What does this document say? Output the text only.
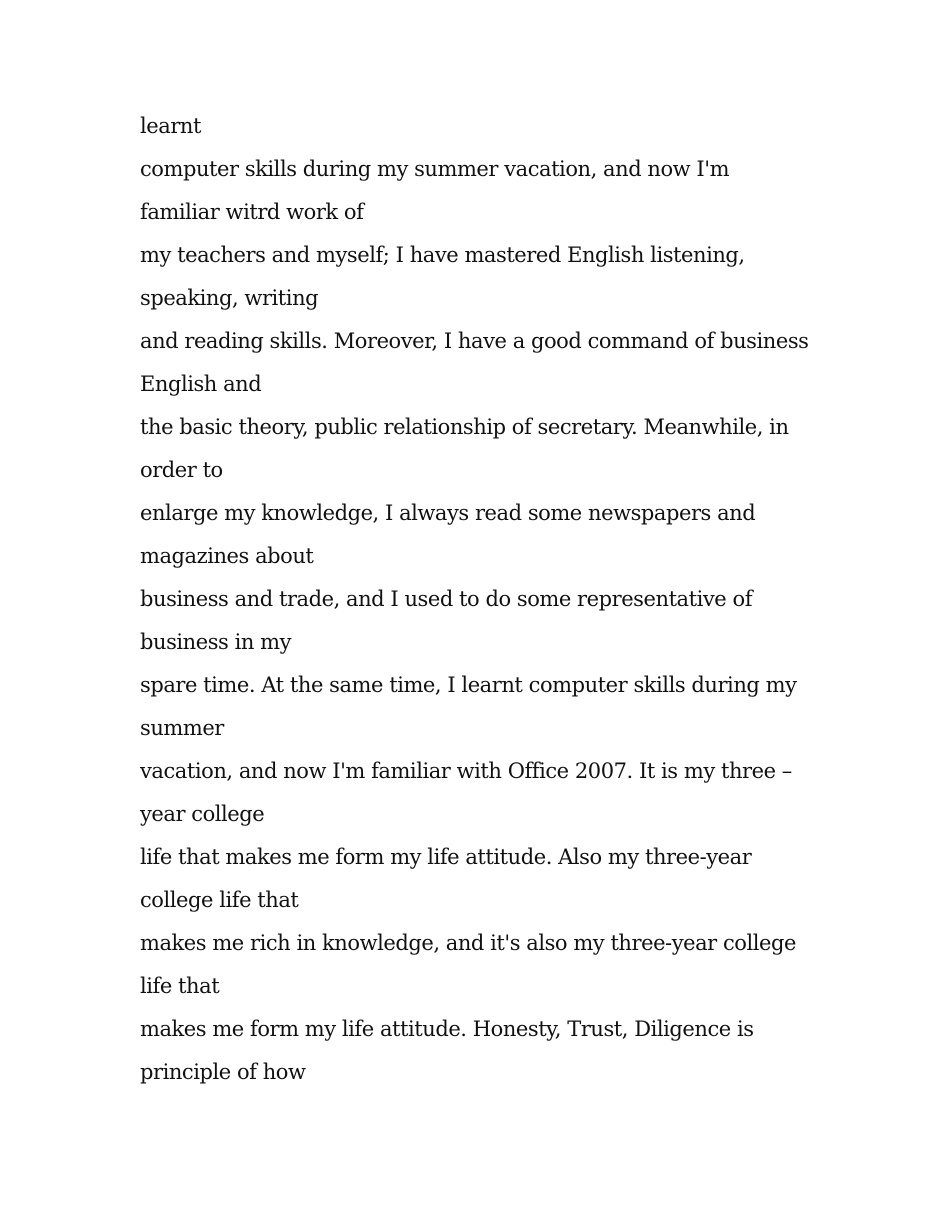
learnt
computer skills during my summer vacation, and now I'm
familiar witrd work of
my teachers and myself; I have mastered English listening,
speaking, writing
and reading skills. Moreover, I have a good command of business
English and
the basic theory, public relationship of secretary. Meanwhile, in
order to
enlarge my knowledge, I always read some newspapers and
magazines about
business and trade, and I used to do some representative of
business in my
spare time. At the same time, I learnt computer skills during my
summer
vacation, and now I'm familiar with Office 2007. It is my three –
year college
life that makes me form my life attitude. Also my three-year
college life that
makes me rich in knowledge, and it's also my three-year college
life that
makes me form my life attitude. Honesty, Trust, Diligence is
principle of how
